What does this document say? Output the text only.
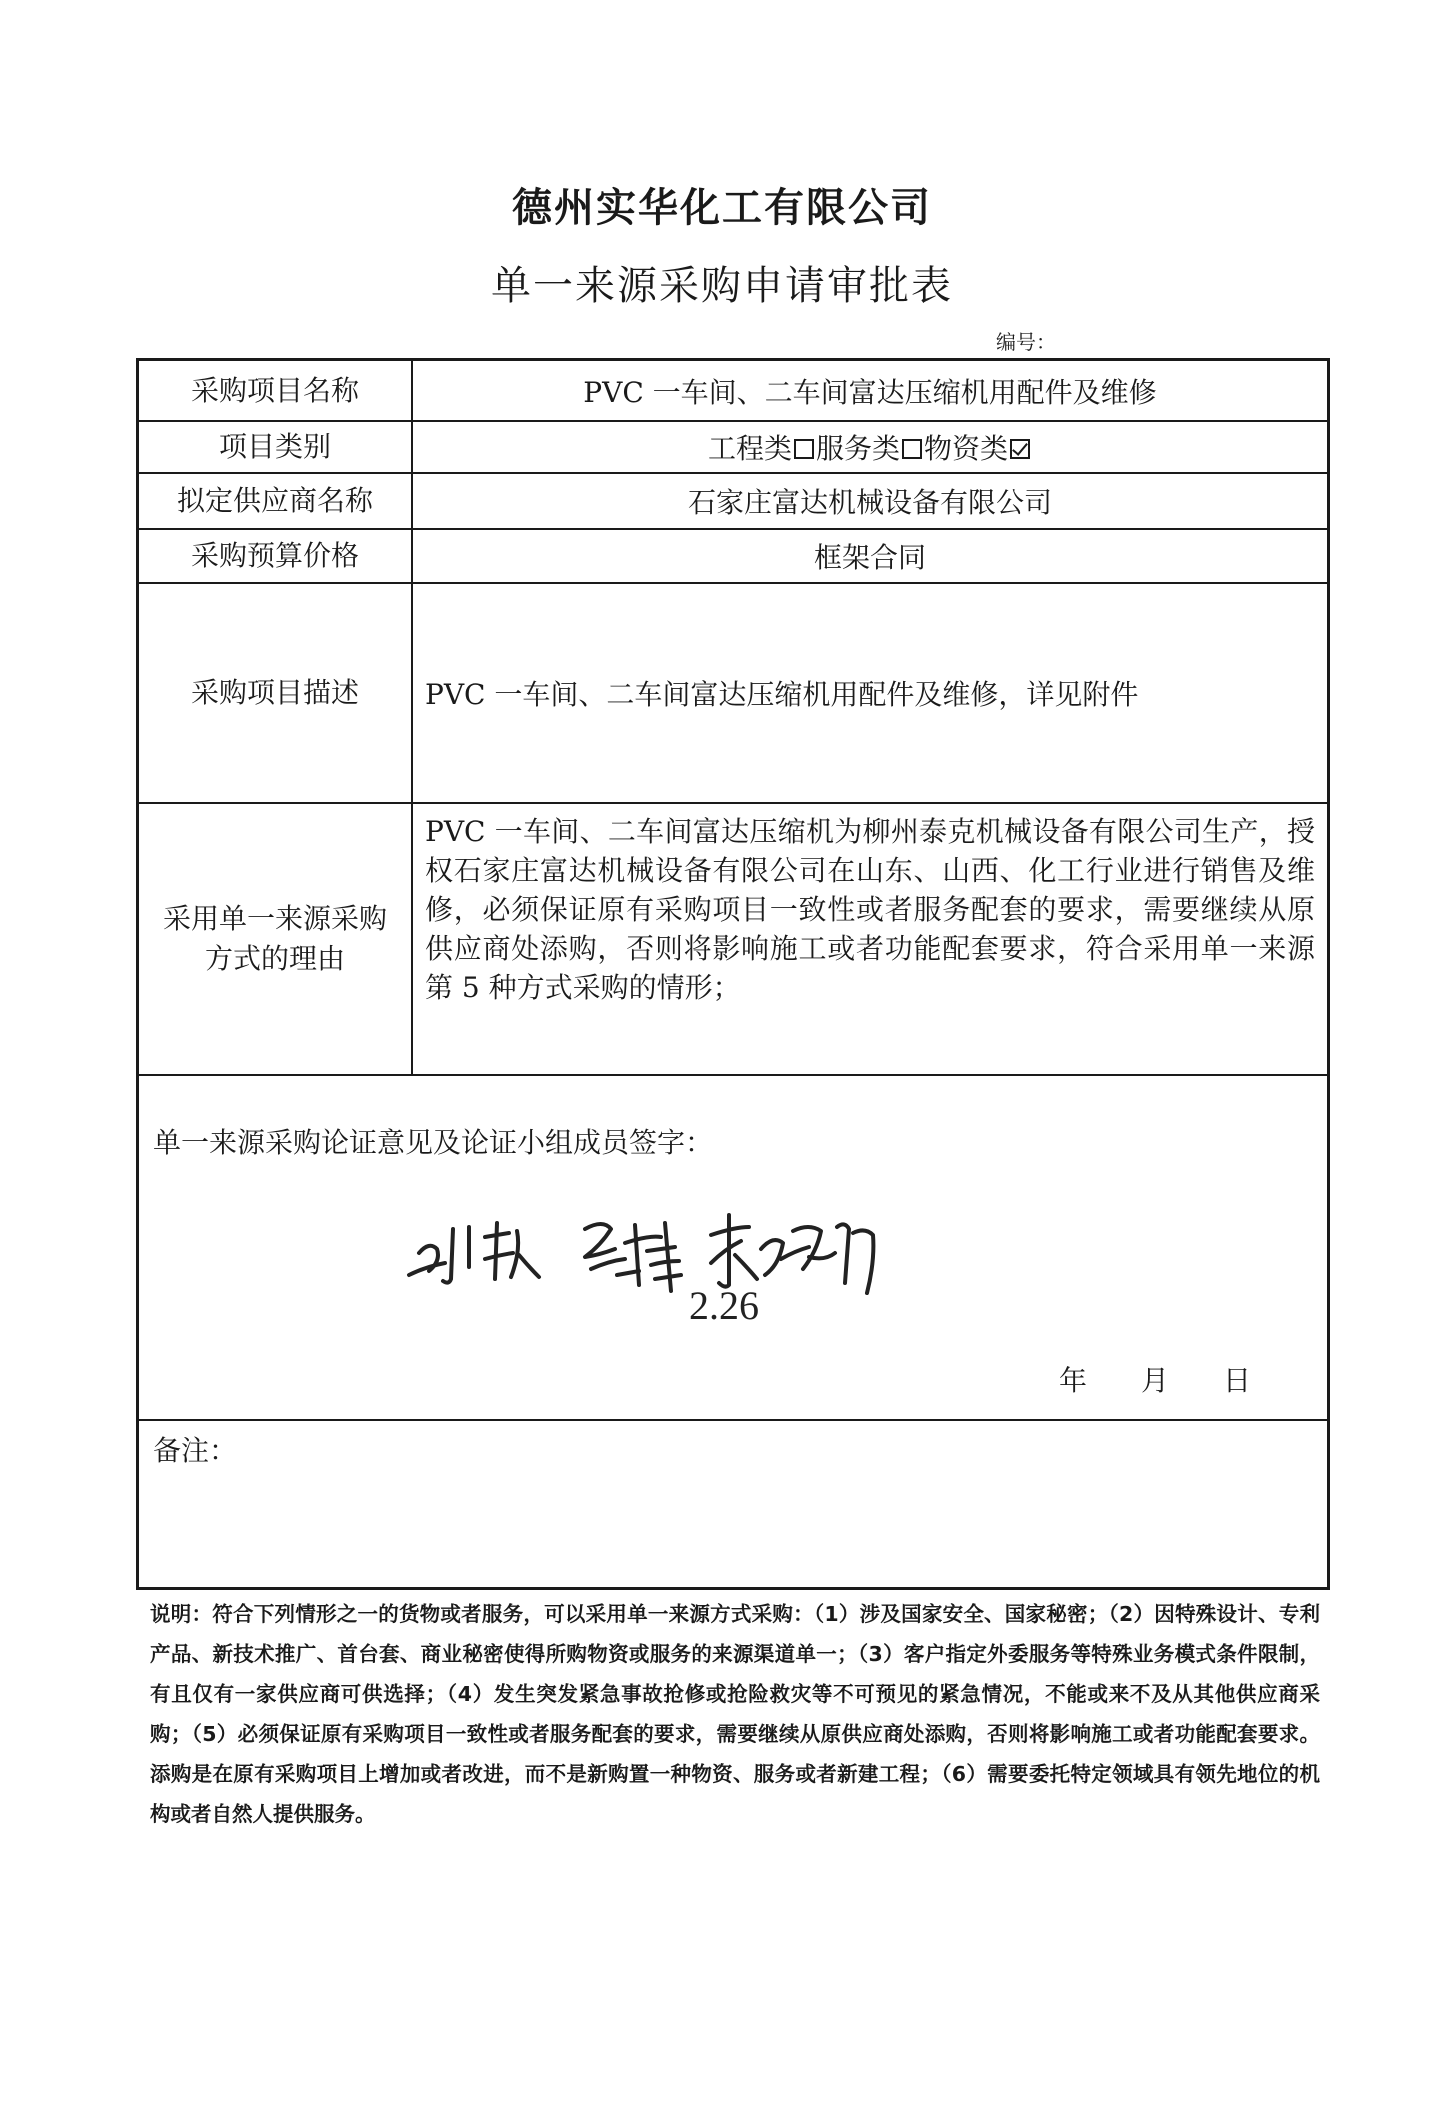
德州实华化工有限公司
单一来源采购申请审批表
编号：
采购项目名称	PVC 一车间、二车间富达压缩机用配件及维修
项目类别	工程类 服务类 物资类

拟定供应商名称	石家庄富达机械设备有限公司
采购预算价格	框架合同
采购项目描述	PVC 一车间、二车间富达压缩机用配件及维修，详见附件
采用单一来源采购方式的理由	PVC 一车间、二车间富达压缩机为柳州泰克机械设备有限公司生产，授权石家庄富达机械设备有限公司在山东、山西、化工行业进行销售及维修，必须保证原有采购项目一致性或者服务配套的要求，需要继续从原供应商处添购，否则将影响施工或者功能配套要求，符合采用单一来源第 5 种方式采购的情形；
单一来源采购论证意见及论证小组成员签字：
2.26
年 月 日
备注：
说明：符合下列情形之一的货物或者服务，可以采用单一来源方式采购：（1）涉及国家安全、国家秘密；（2）因特殊设计、专利产品、新技术推广、首台套、商业秘密使得所购物资或服务的来源渠道单一；（3）客户指定外委服务等特殊业务模式条件限制，有且仅有一家供应商可供选择；（4）发生突发紧急事故抢修或抢险救灾等不可预见的紧急情况，不能或来不及从其他供应商采购；（5）必须保证原有采购项目一致性或者服务配套的要求，需要继续从原供应商处添购，否则将影响施工或者功能配套要求。添购是在原有采购项目上增加或者改进，而不是新购置一种物资、服务或者新建工程；（6）需要委托特定领域具有领先地位的机构或者自然人提供服务。
